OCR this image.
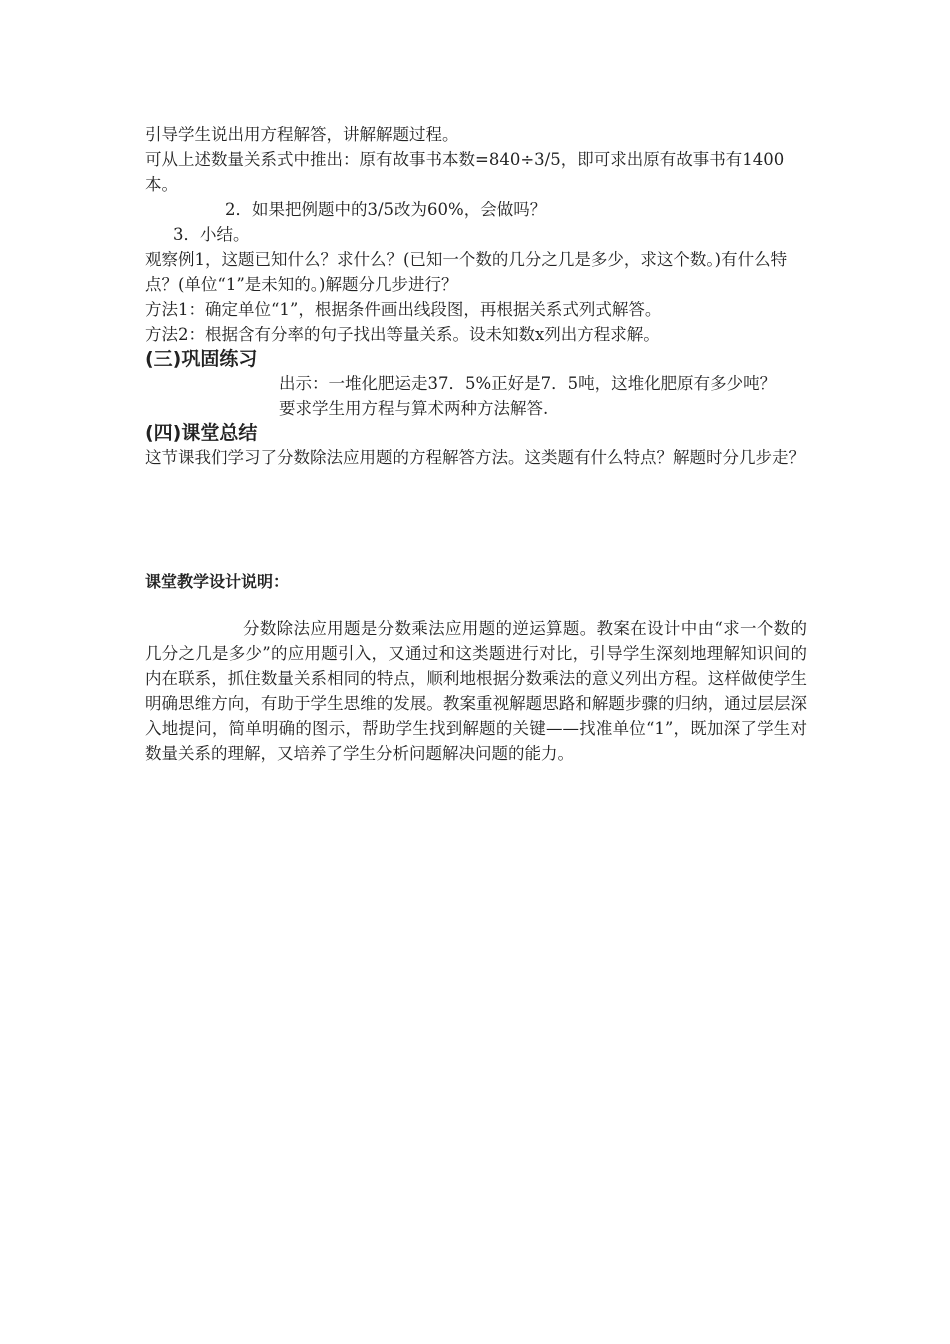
引导学生说出用方程解答，讲解解题过程。

可从上述数量关系式中推出：原有故事书本数=840÷3/5，即可求出原有故事书有1400本。

2．如果把例题中的3/5改为60%，会做吗？

3．小结。

观察例1，这题已知什么？求什么？(已知一个数的几分之几是多少，求这个数。)有什么特点？(单位“1”是未知的。)解题分几步进行？

方法1：确定单位“1”，根据条件画出线段图，再根据关系式列式解答。

方法2：根据含有分率的句子找出等量关系。设未知数x列出方程求解。

(三)巩固练习

出示：一堆化肥运走37．5%正好是7．5吨，这堆化肥原有多少吨？

要求学生用方程与算术两种方法解答.

(四)课堂总结

这节课我们学习了分数除法应用题的方程解答方法。这类题有什么特点？解题时分几步走？

课堂教学设计说明：

分数除法应用题是分数乘法应用题的逆运算题。教案在设计中由“求一个数的几分之几是多少”的应用题引入，又通过和这类题进行对比，引导学生深刻地理解知识间的内在联系，抓住数量关系相同的特点，顺利地根据分数乘法的意义列出方程。这样做使学生明确思维方向，有助于学生思维的发展。教案重视解题思路和解题步骤的归纳，通过层层深入地提问，简单明确的图示，帮助学生找到解题的关键——找准单位“1”，既加深了学生对数量关系的理解，又培养了学生分析问题解决问题的能力。
